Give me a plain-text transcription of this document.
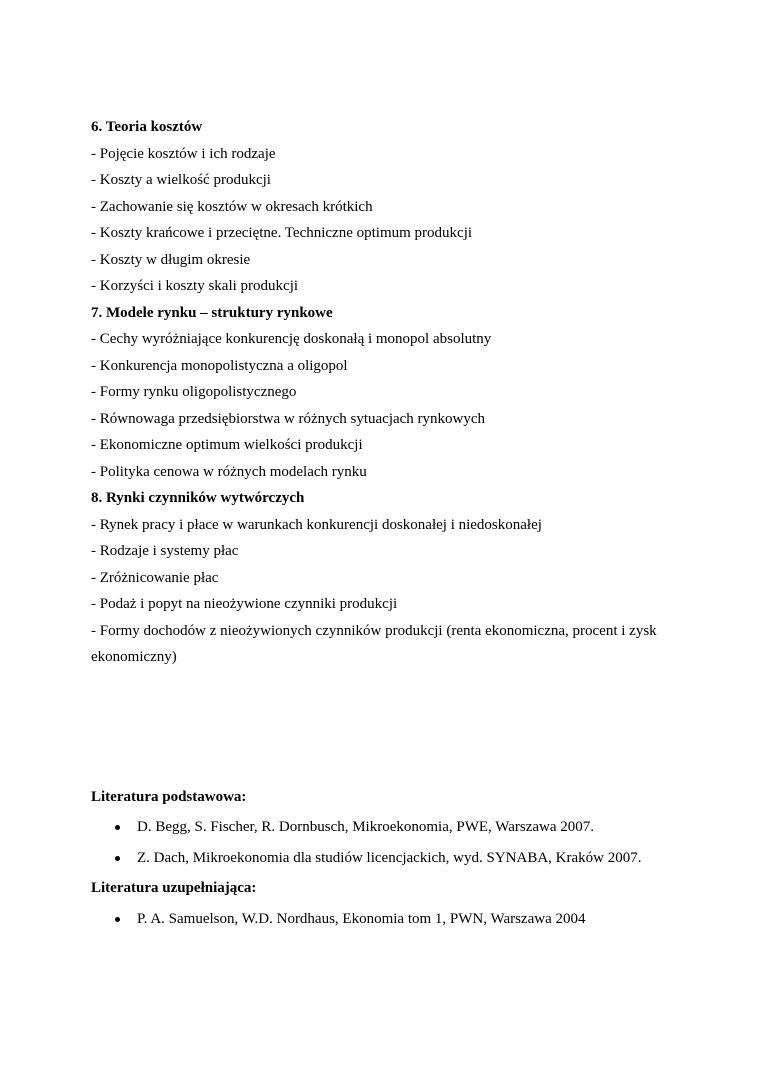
6. Teoria kosztów
- Pojęcie kosztów i ich rodzaje
- Koszty a wielkość produkcji
- Zachowanie się kosztów w okresach krótkich
- Koszty krańcowe i przeciętne. Techniczne optimum produkcji
- Koszty w długim okresie
- Korzyści i koszty skali produkcji
7. Modele rynku – struktury rynkowe
- Cechy wyróżniające konkurencję doskonałą i monopol absolutny
- Konkurencja monopolistyczna a oligopol
- Formy rynku oligopolistycznego
- Równowaga przedsiębiorstwa w różnych sytuacjach rynkowych
- Ekonomiczne optimum wielkości produkcji
- Polityka cenowa w różnych modelach rynku
8. Rynki czynników wytwórczych
- Rynek pracy i płace w warunkach konkurencji doskonałej i niedoskonałej
- Rodzaje i systemy płac
- Zróżnicowanie płac
- Podaż i popyt na nieożywione czynniki produkcji
- Formy dochodów z nieożywionych czynników produkcji (renta ekonomiczna, procent i zysk ekonomiczny)
Literatura podstawowa:
D. Begg, S. Fischer, R. Dornbusch, Mikroekonomia, PWE, Warszawa 2007.
Z. Dach, Mikroekonomia dla studiów licencjackich, wyd. SYNABA, Kraków 2007.
Literatura uzupełniająca:
P. A. Samuelson, W.D. Nordhaus, Ekonomia tom 1, PWN, Warszawa 2004
